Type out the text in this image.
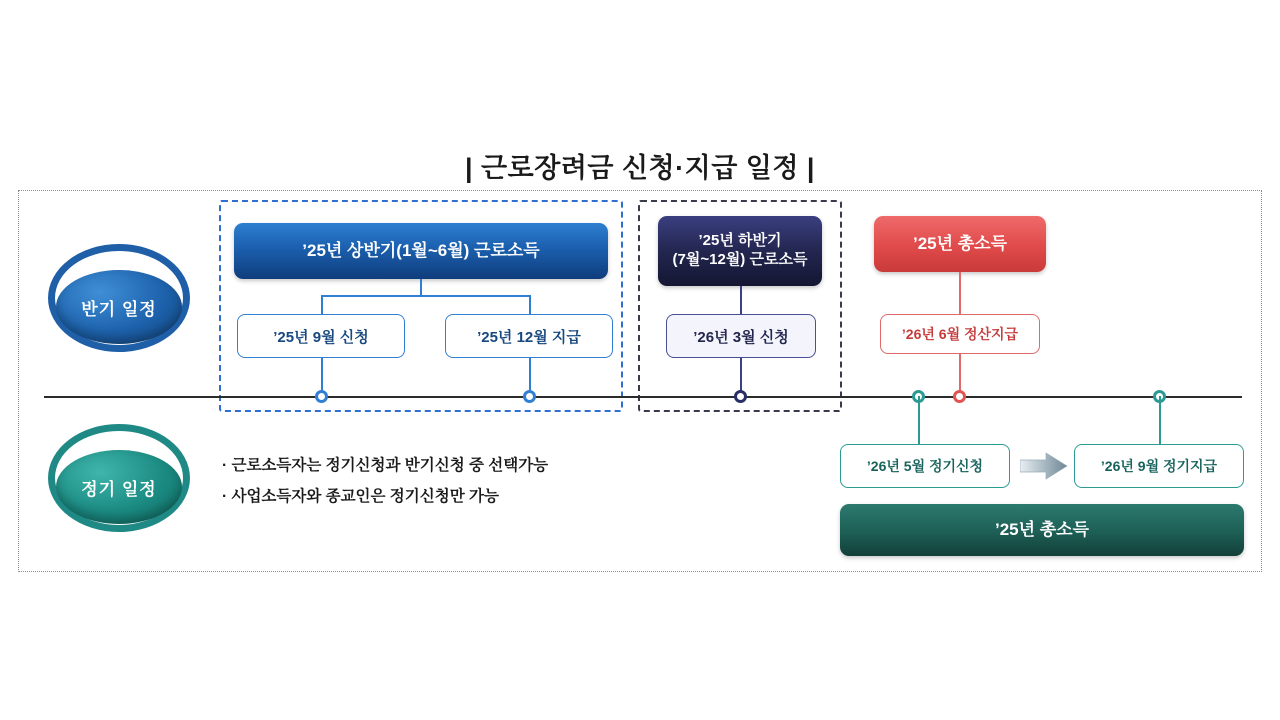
| 근로장려금 신청·지급 일정 |
반기 일정
정기 일정
’25년 상반기(1월~6월) 근로소득
’25년 9월 신청	’25년 12월 지급
’25년 하반기
(7월~12월) 근로소득
’26년 3월 신청
’25년 총소득
’26년 6월 정산지급
’26년 5월 정기신청	’26년 9월 정기지급
’25년 총소득
· 근로소득자는 정기신청과 반기신청 중 선택가능
· 사업소득자와 종교인은 정기신청만 가능
